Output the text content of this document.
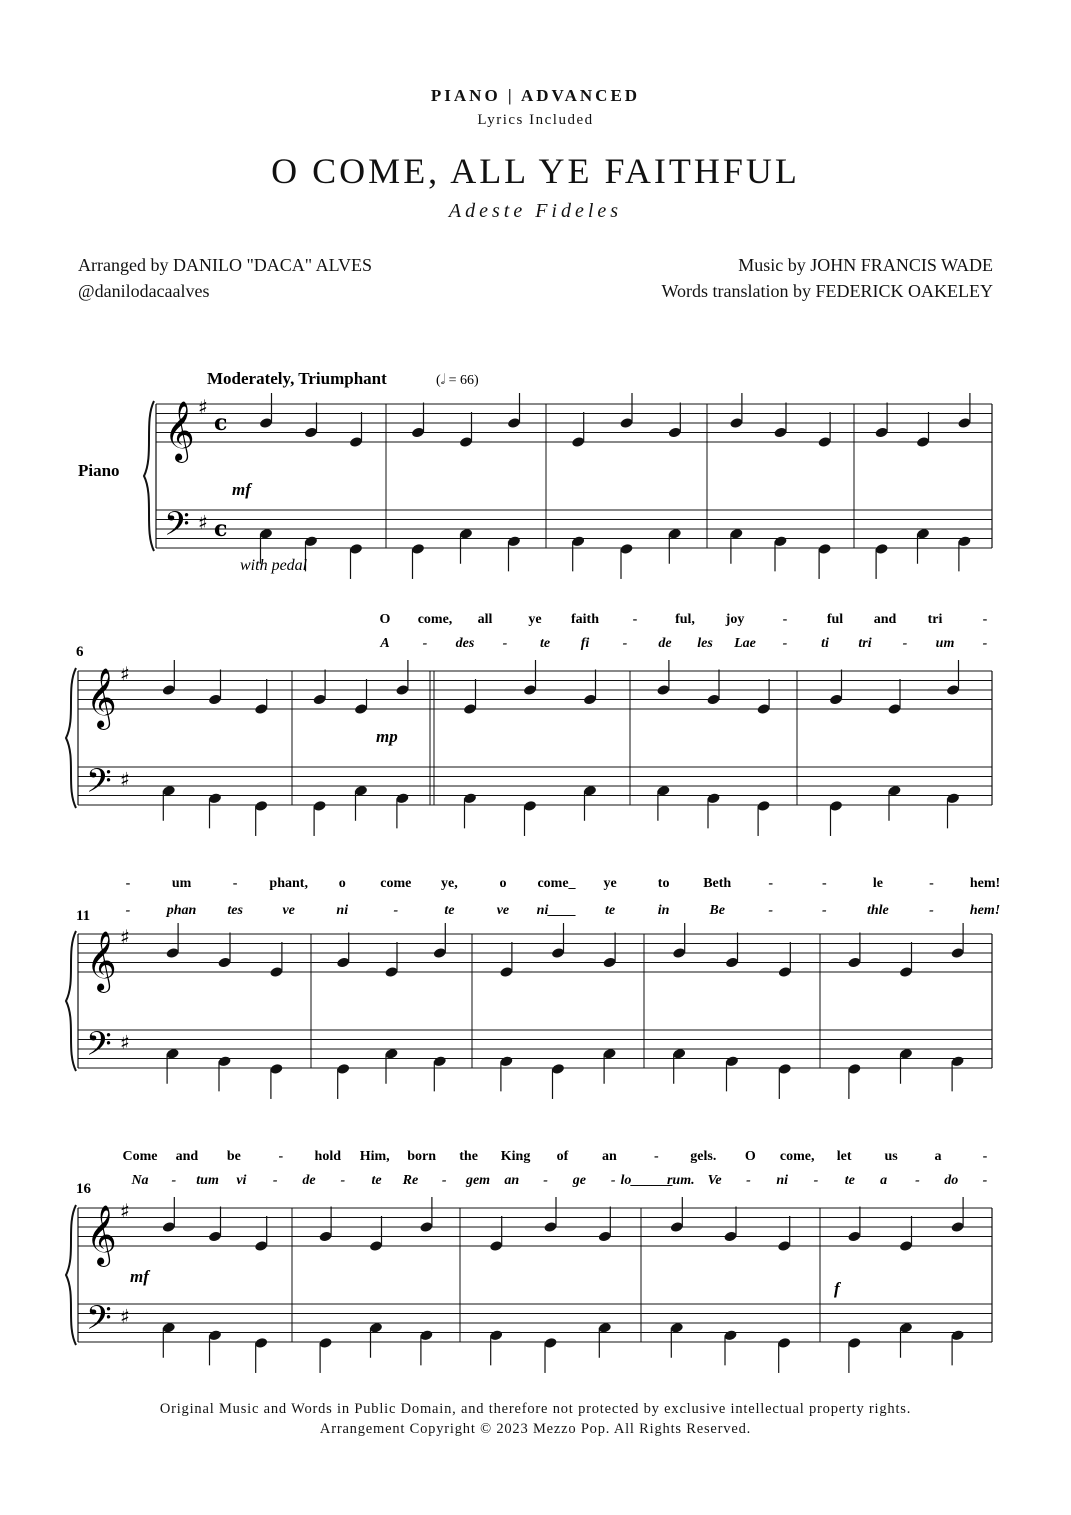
PIANO | ADVANCED
Lyrics Included
O COME, ALL YE FAITHFUL
Adeste Fideles
Arranged by DANILO "DACA" ALVES
@danilodacaalves
Music by JOHN FRANCIS WADE
Words translation by FEDERICK OAKELEY
𝄞
𝄢
♯
♯
c
c
𝄞
𝄢
♯
♯
𝄞
𝄢
♯
♯
𝄞
𝄢
♯
♯
Moderately, Triumphant	(𝅗𝅥 = 66)
Piano
with pedal
6
11
16
mf
mp
mf
f
O come, all	ye faith -	ful, joy	-	ful and tri	-
A - des - te fi - de les Lae - ti tri - um -
-	um	- phant, o come ye,	o come_ ye	to Beth	-	-	le	-	hem!
-	phan tes	ve	ni	-	te	ve ni____ te	in	Be	-	-	thle	-	hem!
Come and be	- hold Him, born the King of an	- gels. O come, let us	a	-
Na - tum vi - de - te Re - gem an - ge - lo______
rum. Ve - ni - te a - do -
Original Music and Words in Public Domain, and therefore not protected by exclusive intellectual property rights.
Arrangement Copyright © 2023 Mezzo Pop. All Rights Reserved.
